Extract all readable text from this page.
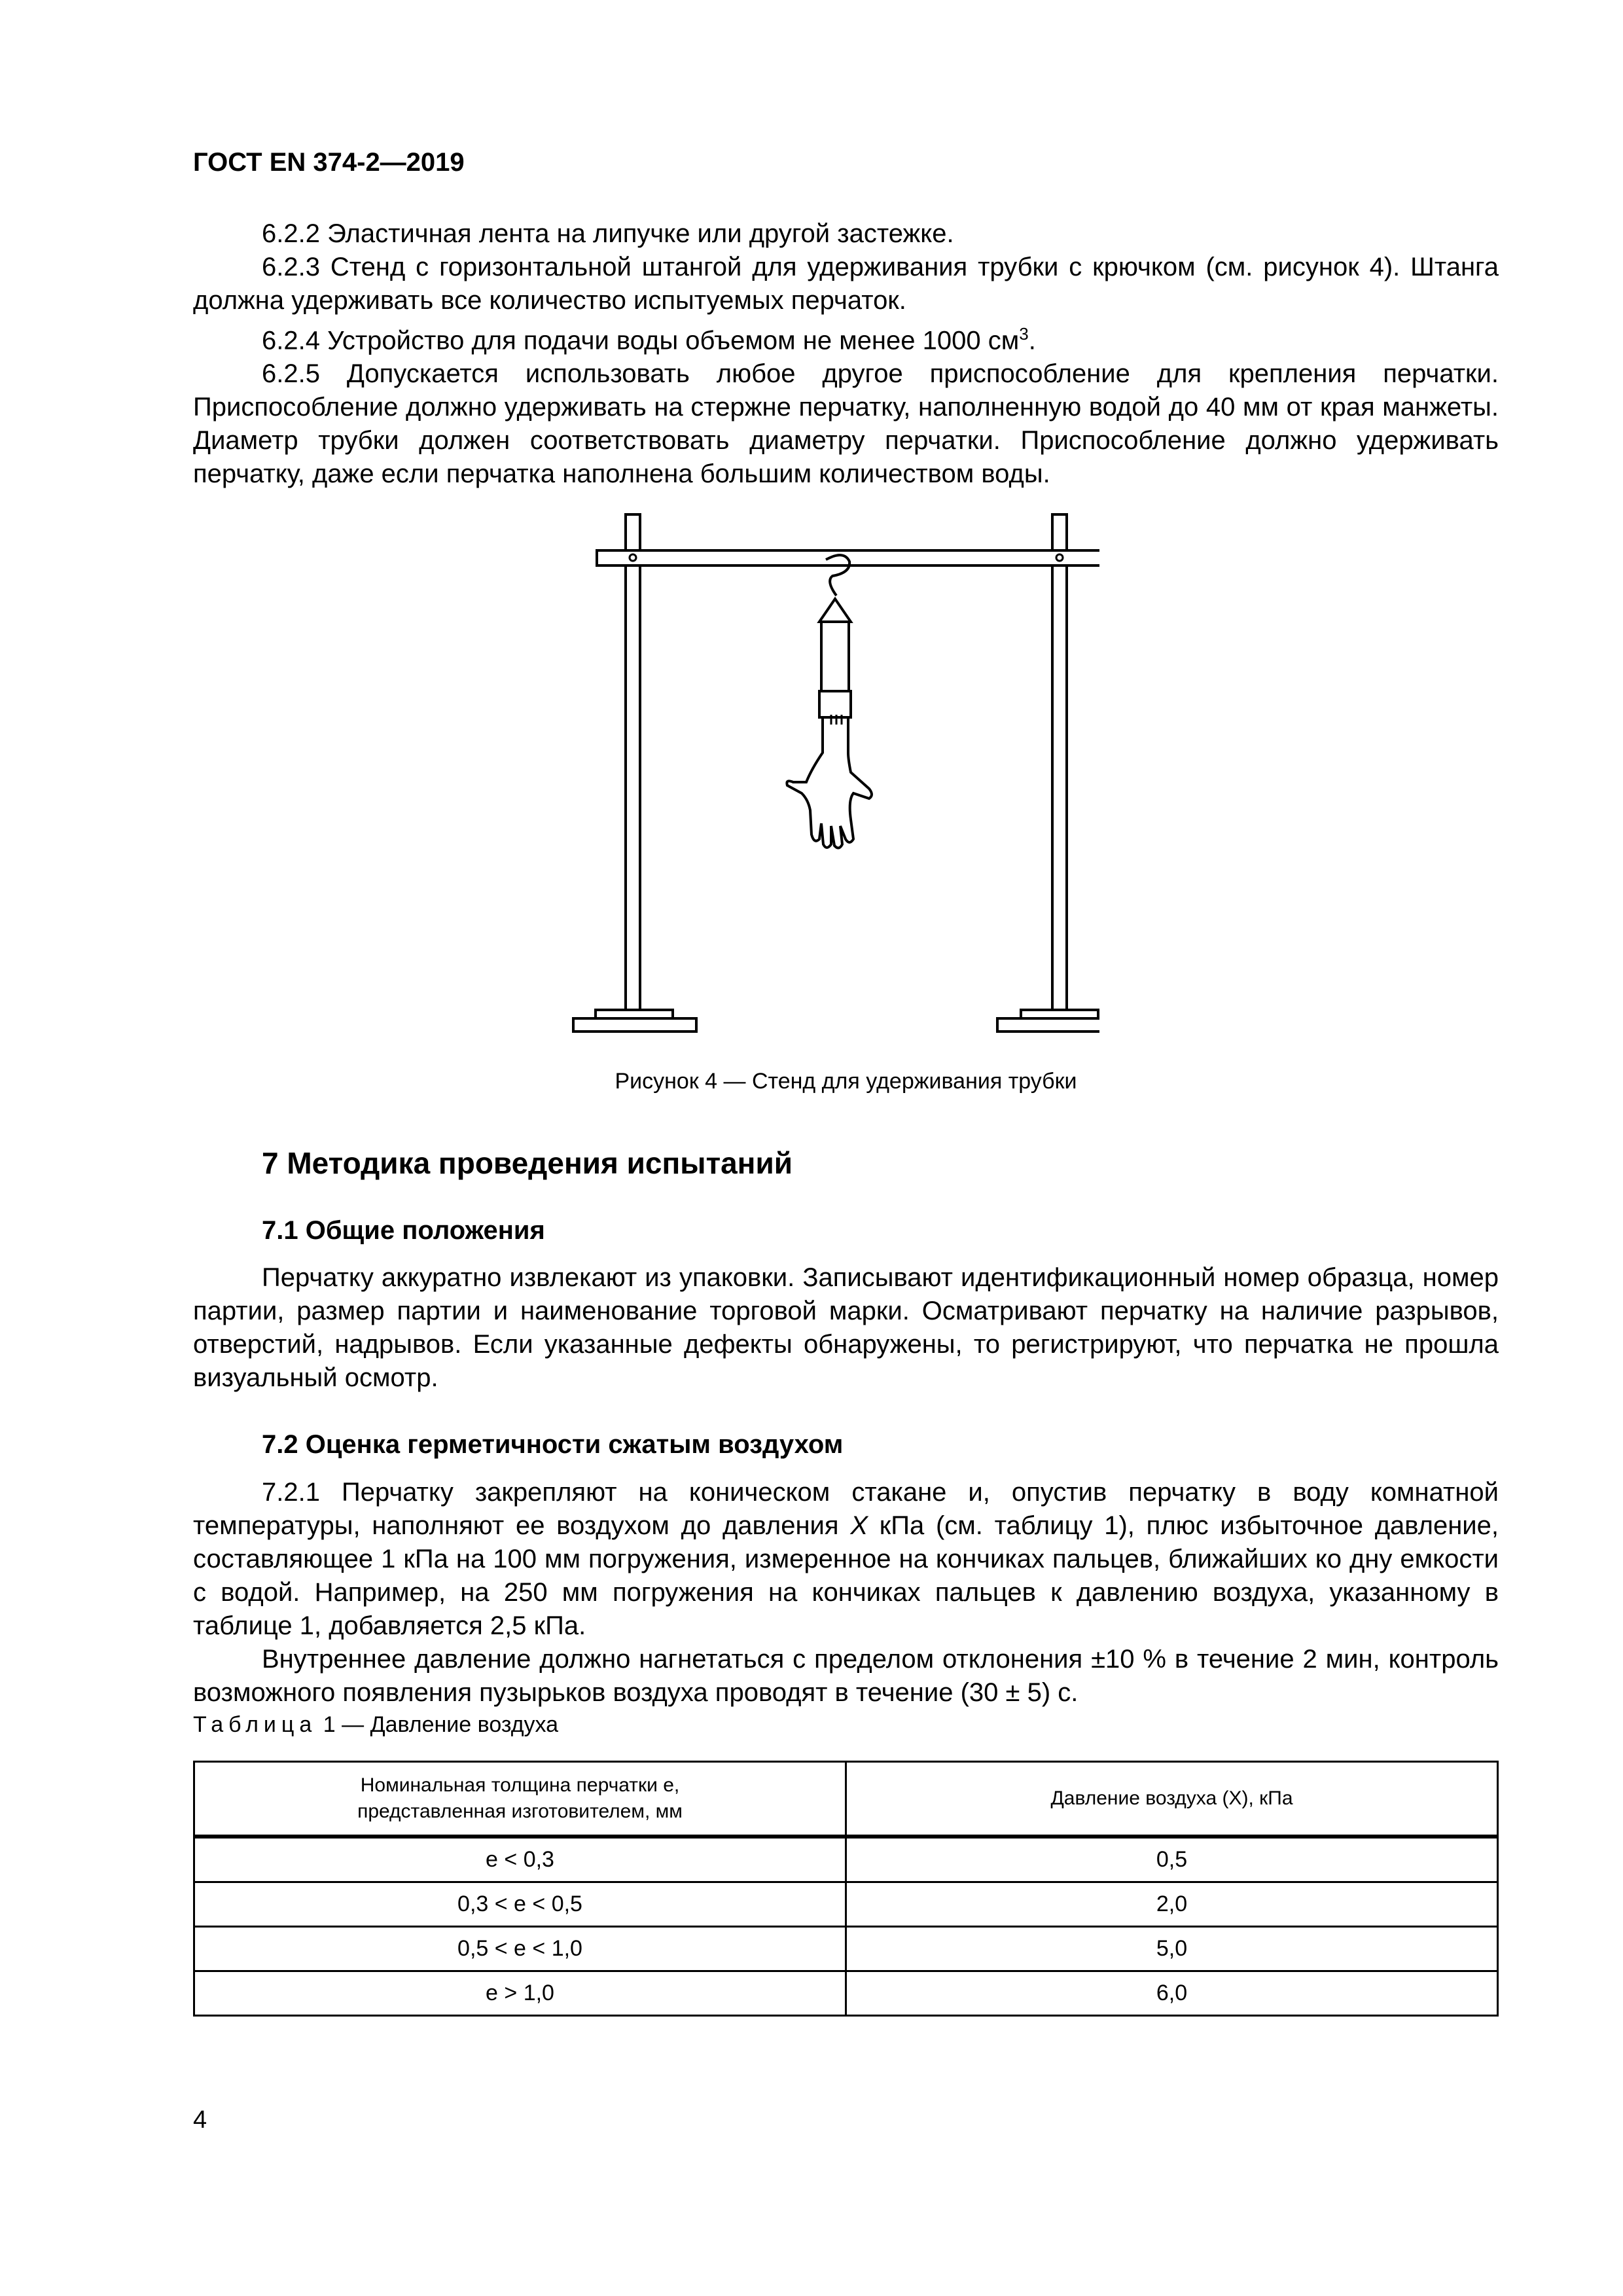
ГОСТ EN 374-2—2019

6.2.2 Эластичная лента на липучке или другой застежке.

6.2.3 Стенд с горизонтальной штангой для удерживания трубки с крючком (см. рисунок 4). Штанга должна удерживать все количество испытуемых перчаток.

6.2.4 Устройство для подачи воды объемом не менее 1000 $см^3$.

6.2.5 Допускается использовать любое другое приспособление для крепления перчатки. Приспособление должно удерживать на стержне перчатку, наполненную водой до 40 мм от края манжеты. Диаметр трубки должен соответствовать диаметру перчатки. Приспособление должно удерживать перчатку, даже если перчатка наполнена большим количеством воды.

Рисунок 4 — Стенд для удерживания трубки
7 Методика проведения испытаний
7.1 Общие положения

Перчатку аккуратно извлекают из упаковки. Записывают идентификационный номер образца, номер партии, размер партии и наименование торговой марки. Осматривают перчатку на наличие разрывов, отверстий, надрывов. Если указанные дефекты обнаружены, то регистрируют, что перчатка не прошла визуальный осмотр.

7.2 Оценка герметичности сжатым воздухом

7.2.1 Перчатку закрепляют на коническом стакане и, опустив перчатку в воду комнатной температуры, наполняют ее воздухом до давления X кПа (см. таблицу 1), плюс избыточное давление, составляющее 1 кПа на 100 мм погружения, измеренное на кончиках пальцев, ближайших ко дну емкости с водой. Например, на 250 мм погружения на кончиках пальцев к давлению воздуха, указанному в таблице 1, добавляется 2,5 кПа.

Внутреннее давление должно нагнетаться с пределом отклонения ±10 % в течение 2 мин, контроль возможного появления пузырьков воздуха проводят в течение (30 ± 5) с.

Таблица 1 — Давление воздуха
Номинальная толщина перчатки е,
представленная изготовителем, мм	Давление воздуха (X), кПа
е < 0,3	0,5
0,3 < е < 0,5	2,0
0,5 < е < 1,0	5,0
е > 1,0	6,0
4
